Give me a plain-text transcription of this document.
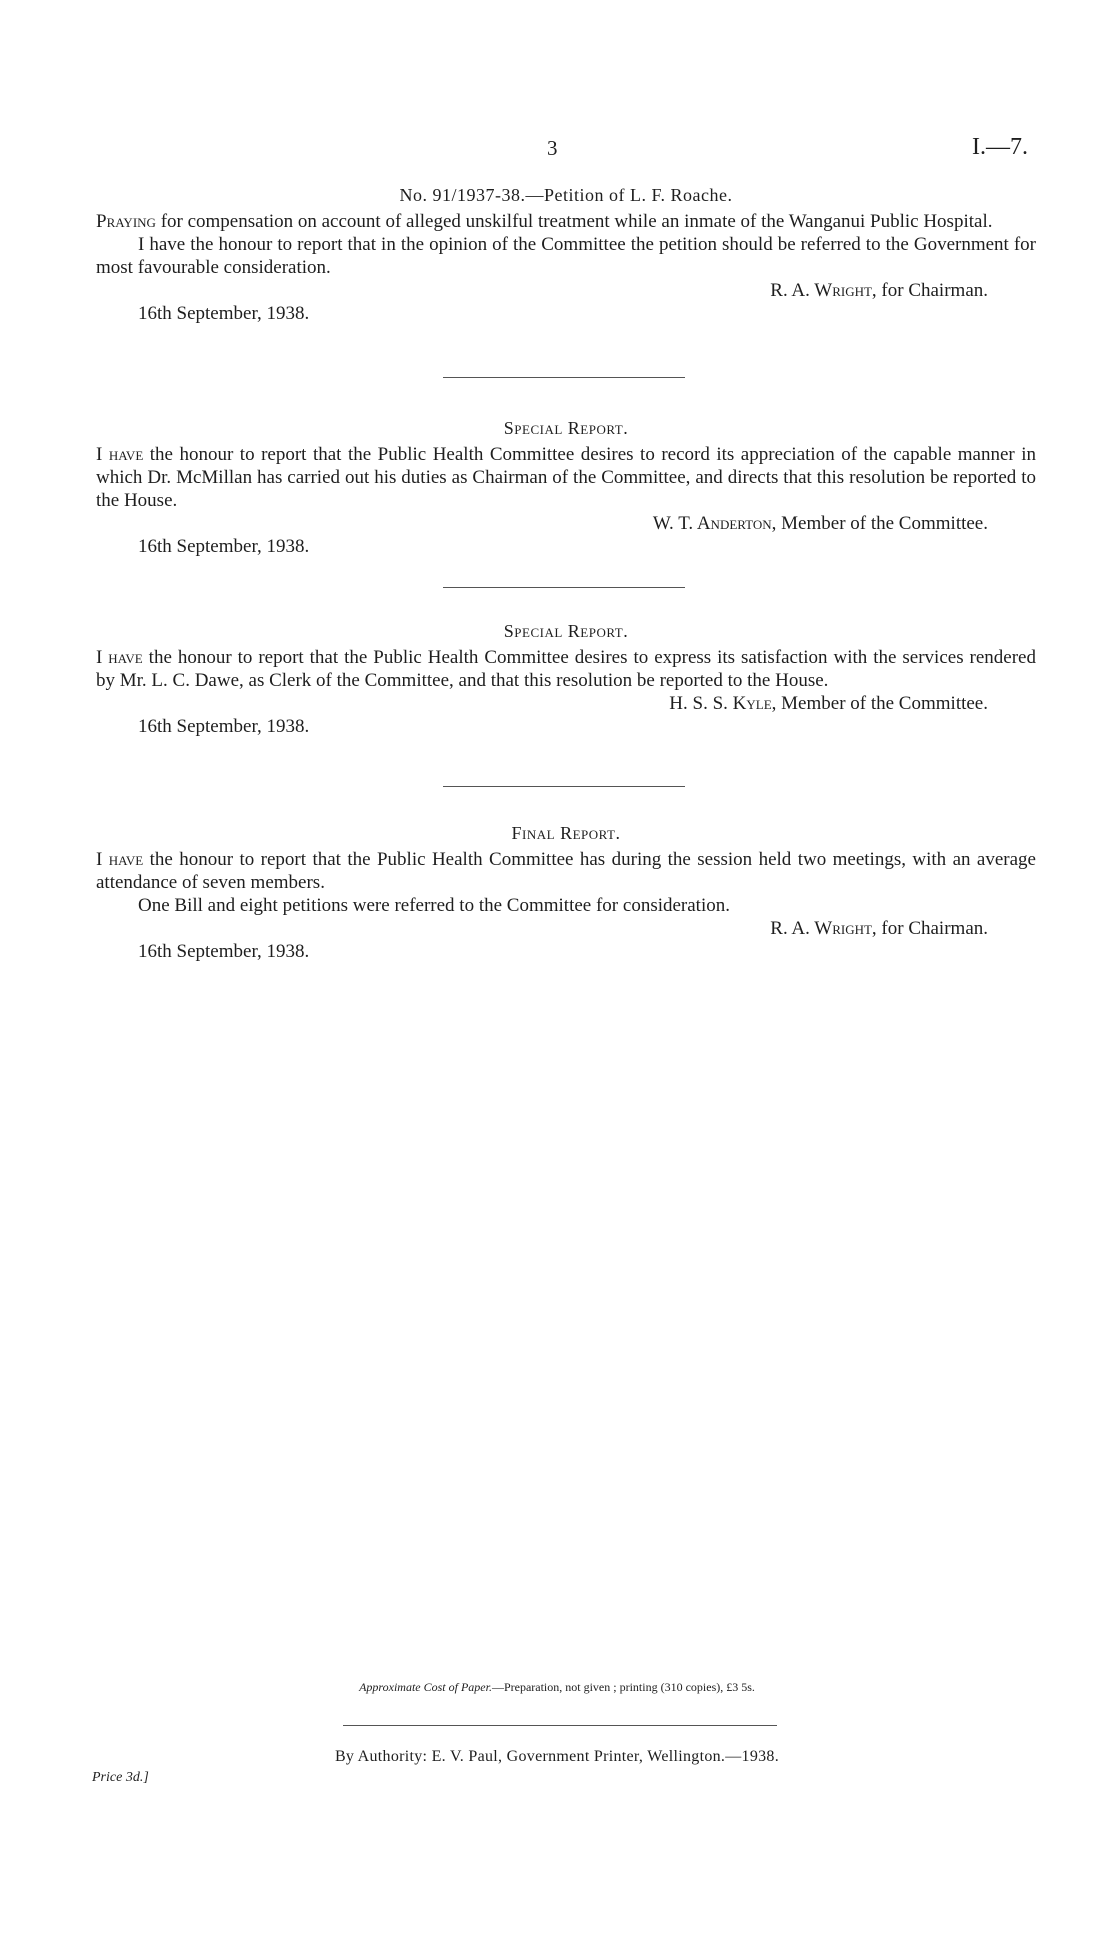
3	I.—7.
No. 91/1937-38.—Petition of L. F. Roache.

Praying for compensation on account of alleged unskilful treatment while an inmate of the Wanganui Public Hospital.

I have the honour to report that in the opinion of the Committee the petition should be referred to the Government for most favourable consideration.

R. A. Wright, for Chairman.

16th September, 1938.

Special Report.

I have the honour to report that the Public Health Committee desires to record its appreciation of the capable manner in which Dr. McMillan has carried out his duties as Chairman of the Committee, and directs that this resolution be reported to the House.

W. T. Anderton, Member of the Committee.

16th September, 1938.

Special Report.

I have the honour to report that the Public Health Committee desires to express its satisfaction with the services rendered by Mr. L. C. Dawe, as Clerk of the Committee, and that this resolution be reported to the House.

H. S. S. Kyle, Member of the Committee.

16th September, 1938.

Final Report.

I have the honour to report that the Public Health Committee has during the session held two meetings, with an average attendance of seven members.

One Bill and eight petitions were referred to the Committee for consideration.

R. A. Wright, for Chairman.

16th September, 1938.

Approximate Cost of Paper.—Preparation, not given ; printing (310 copies), £3 5s.
By Authority: E. V. Paul, Government Printer, Wellington.—1938.
Price 3d.]
